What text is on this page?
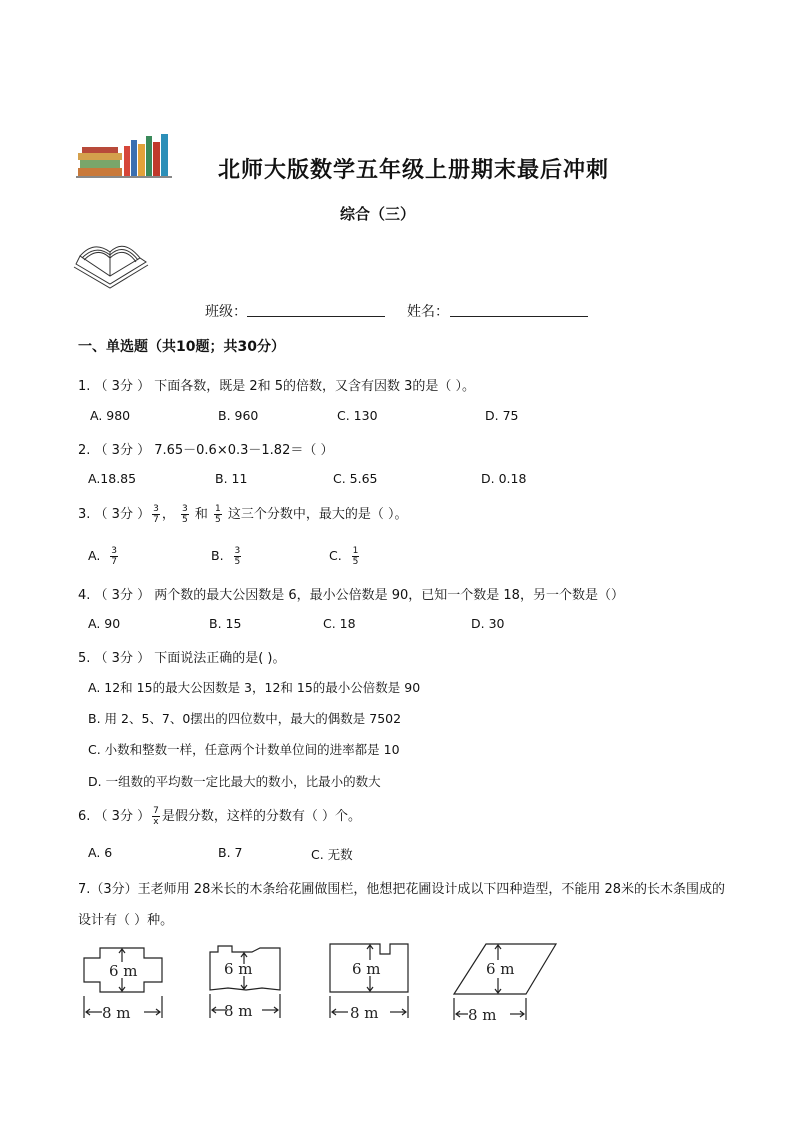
北师大版数学五年级上册期末最后冲刺
综合（三）
班级：	姓名：
一、单选题（共10题；共30分）
1. （ 3分 ） 下面各数，既是 2和 5的倍数，又含有因数 3的是（ ）。
A. 980	B. 960	C. 130	D. 75
2. （ 3分 ） 7.65－0.6×0.3－1.82＝（ ）
A.18.85	B. 11	C. 5.65	D. 0.18
3. （ 3分 ） $\frac{3}{7}$ ， $\frac{3}{5}$ 和 $\frac{1}{5}$ 这三个分数中，最大的是（ ）。
A. $\frac{3}{7}$	B. $\frac{3}{5}$	C. $\frac{1}{5}$
4. （ 3分 ） 两个数的最大公因数是 6，最小公倍数是 90，已知一个数是 18，另一个数是（）
A. 90	B. 15	C. 18	D. 30
5. （ 3分 ） 下面说法正确的是( )。
A. 12和 15的最大公因数是 3，12和 15的最小公倍数是 90
B. 用 2、5、7、0摆出的四位数中，最大的偶数是 7502
C. 小数和整数一样，任意两个计数单位间的进率都是 10
D. 一组数的平均数一定比最大的数小，比最小的数大
6. （ 3分 ） $\frac{7}{x}$ 是假分数，这样的分数有（ ）个。
A. 6	B. 7	C. 无数
7.（3分）王老师用 28米长的木条给花圃做围栏，他想把花圃设计成以下四种造型，不能用 28米的长木条围成的设计有（ ）种。
6 m
8 m
6 m
8 m
6 m
8 m
6 m
8 m
